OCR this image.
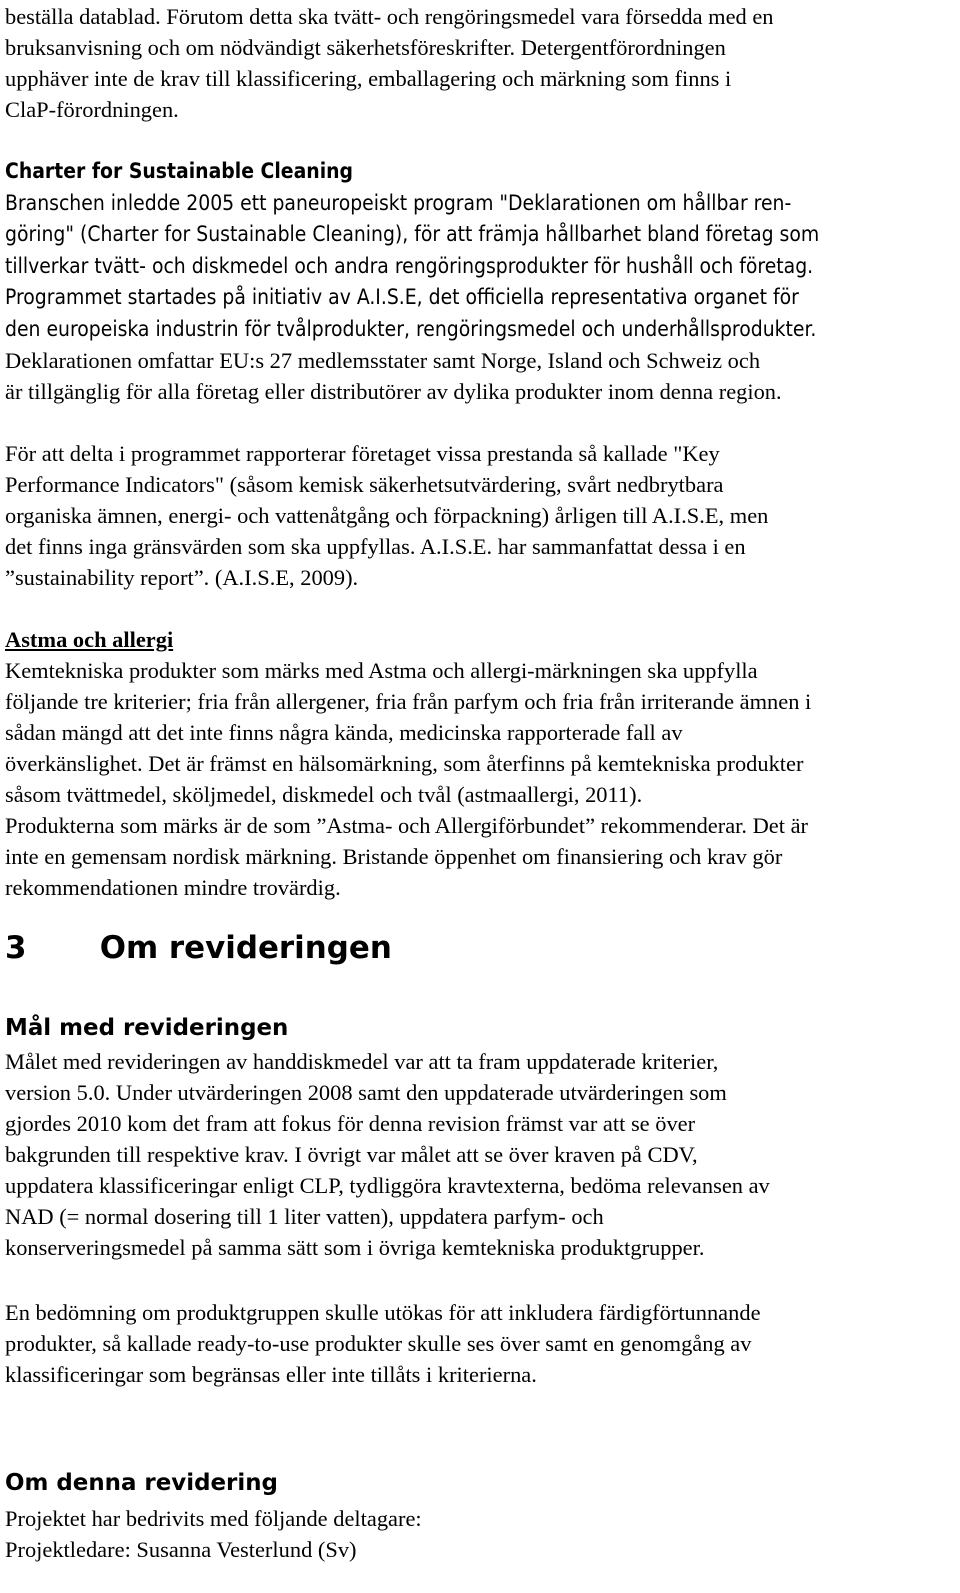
beställa datablad. Förutom detta ska tvätt- och rengöringsmedel vara försedda med en
bruksanvisning och om nödvändigt säkerhetsföreskrifter. Detergentförordningen
upphäver inte de krav till klassificering, emballagering och märkning som finns i
ClaP-förordningen.
Charter for Sustainable Cleaning
Branschen inledde 2005 ett paneuropeiskt program "Deklarationen om hållbar ren-
göring" (Charter for Sustainable Cleaning), för att främja hållbarhet bland företag som
tillverkar tvätt- och diskmedel och andra rengöringsprodukter för hushåll och företag.
Programmet startades på initiativ av A.I.S.E, det officiella representativa organet för
den europeiska industrin för tvålprodukter, rengöringsmedel och underhållsprodukter.
Deklarationen omfattar EU:s 27 medlemsstater samt Norge, Island och Schweiz och
är tillgänglig för alla företag eller distributörer av dylika produkter inom denna region.
För att delta i programmet rapporterar företaget vissa prestanda så kallade "Key
Performance Indicators" (såsom kemisk säkerhetsutvärdering, svårt nedbrytbara
organiska ämnen, energi- och vattenåtgång och förpackning) årligen till A.I.S.E, men
det finns inga gränsvärden som ska uppfyllas. A.I.S.E. har sammanfattat dessa i en
”sustainability report”. (A.I.S.E, 2009).
Astma och allergi
Kemtekniska produkter som märks med Astma och allergi-märkningen ska uppfylla
följande tre kriterier; fria från allergener, fria från parfym och fria från irriterande ämnen i
sådan mängd att det inte finns några kända, medicinska rapporterade fall av
överkänslighet. Det är främst en hälsomärkning, som återfinns på kemtekniska produkter
såsom tvättmedel, sköljmedel, diskmedel och tvål (astmaallergi, 2011).
Produkterna som märks är de som ”Astma- och Allergiförbundet” rekommenderar. Det är
inte en gemensam nordisk märkning. Bristande öppenhet om finansiering och krav gör
rekommendationen mindre trovärdig.
3 Om revideringen
Mål med revideringen
Målet med revideringen av handdiskmedel var att ta fram uppdaterade kriterier,
version 5.0. Under utvärderingen 2008 samt den uppdaterade utvärderingen som
gjordes 2010 kom det fram att fokus för denna revision främst var att se över
bakgrunden till respektive krav. I övrigt var målet att se över kraven på CDV,
uppdatera klassificeringar enligt CLP, tydliggöra kravtexterna, bedöma relevansen av
NAD (= normal dosering till 1 liter vatten), uppdatera parfym- och
konserveringsmedel på samma sätt som i övriga kemtekniska produktgrupper.
En bedömning om produktgruppen skulle utökas för att inkludera färdigförtunnande
produkter, så kallade ready-to-use produkter skulle ses över samt en genomgång av
klassificeringar som begränsas eller inte tillåts i kriterierna.
Om denna revidering
Projektet har bedrivits med följande deltagare:
Projektledare: Susanna Vesterlund (Sv)
